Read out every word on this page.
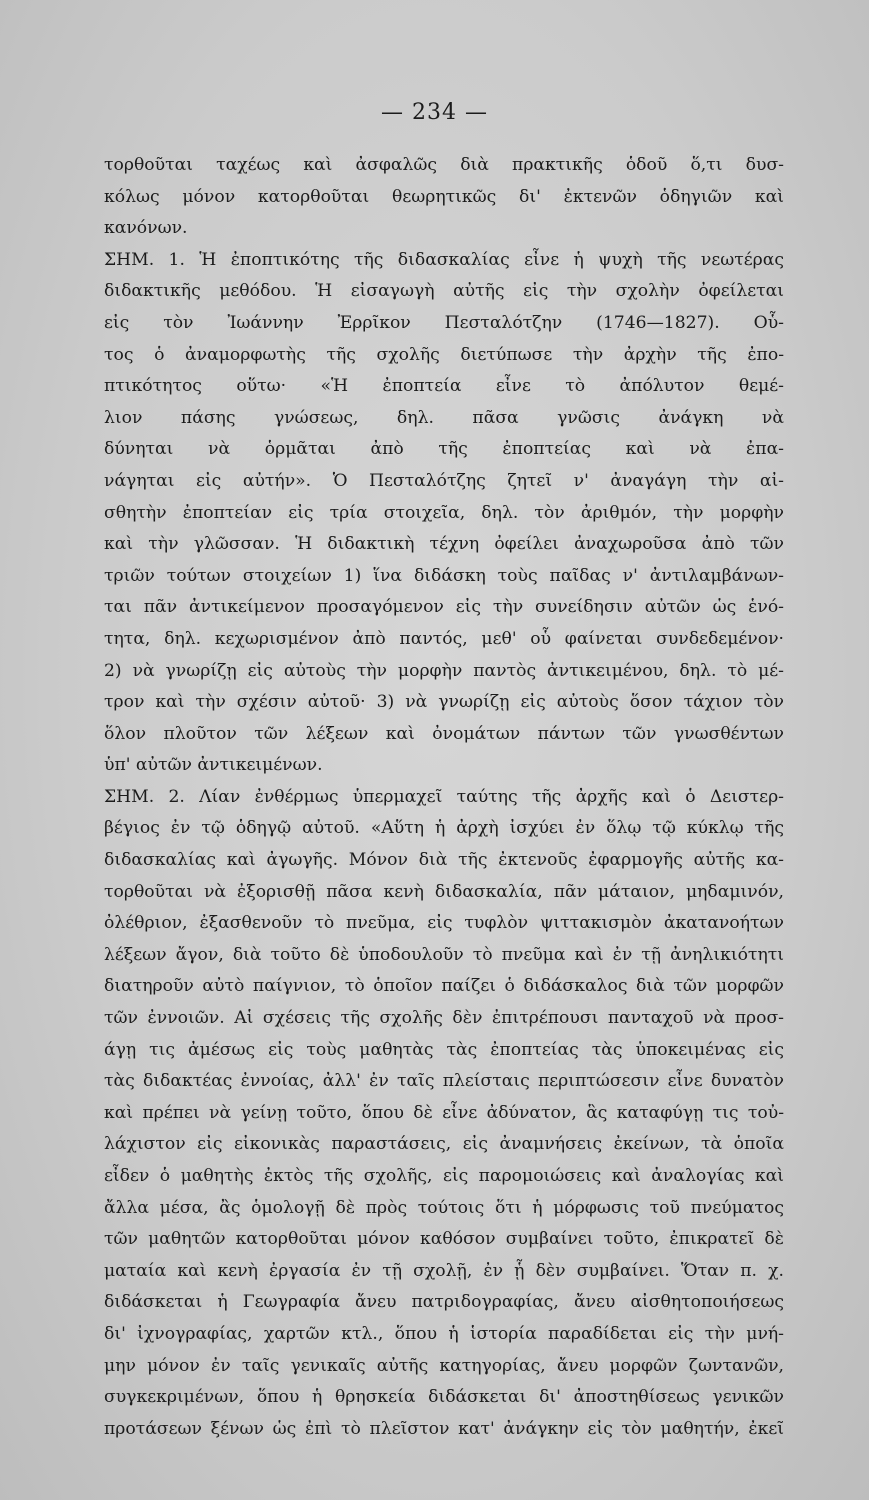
— 234 —
τορθοῦται ταχέως καὶ ἀσφαλῶς διὰ πρακτικῆς ὁδοῦ ὅ,τι δυσ-
κόλως μόνον κατορθοῦται θεωρητικῶς δι' ἐκτενῶν ὁδηγιῶν καὶ
κανόνων.
ΣΗΜ. 1. Ἡ ἐποπτικότης τῆς διδασκαλίας εἶνε ἡ ψυχὴ τῆς νεωτέρας
διδακτικῆς μεθόδου. Ἡ εἰσαγωγὴ αὐτῆς εἰς τὴν σχολὴν ὀφείλεται
εἰς τὸν Ἰωάννην Ἐρρῖκον Πεσταλότζην (1746—1827). Οὗ-
τος ὁ ἀναμορφωτὴς τῆς σχολῆς διετύπωσε τὴν ἀρχὴν τῆς ἐπο-
πτικότητος οὕτω· «Ἡ ἐποπτεία εἶνε τὸ ἀπόλυτον θεμέ-
λιον πάσης γνώσεως, δηλ. πᾶσα γνῶσις ἀνάγκη νὰ
δύνηται νὰ ὁρμᾶται ἀπὸ τῆς ἐποπτείας καὶ νὰ ἐπα-
νάγηται εἰς αὐτήν». Ὁ Πεσταλότζης ζητεῖ ν' ἀναγάγη τὴν αἰ-
σθητὴν ἐποπτείαν εἰς τρία στοιχεῖα, δηλ. τὸν ἀριθμόν, τὴν μορφὴν
καὶ τὴν γλῶσσαν. Ἡ διδακτικὴ τέχνη ὀφείλει ἀναχωροῦσα ἀπὸ τῶν
τριῶν τούτων στοιχείων 1) ἵνα διδάσκη τοὺς παῖδας ν' ἀντιλαμβάνων-
ται πᾶν ἀντικείμενον προσαγόμενον εἰς τὴν συνείδησιν αὐτῶν ὡς ἑνό-
τητα, δηλ. κεχωρισμένον ἀπὸ παντός, μεθ' οὗ φαίνεται συνδεδεμένον·
2) νὰ γνωρίζῃ εἰς αὐτοὺς τὴν μορφὴν παντὸς ἀντικειμένου, δηλ. τὸ μέ-
τρον καὶ τὴν σχέσιν αὐτοῦ· 3) νὰ γνωρίζῃ εἰς αὐτοὺς ὅσον τάχιον τὸν
ὅλον πλοῦτον τῶν λέξεων καὶ ὀνομάτων πάντων τῶν γνωσθέντων
ὑπ' αὐτῶν ἀντικειμένων.
ΣΗΜ. 2. Λίαν ἐνθέρμως ὑπερμαχεῖ ταύτης τῆς ἀρχῆς καὶ ὁ Δειστερ-
βέγιος ἐν τῷ ὁδηγῷ αὐτοῦ. «Αὕτη ἡ ἀρχὴ ἰσχύει ἐν ὅλῳ τῷ κύκλῳ τῆς
διδασκαλίας καὶ ἀγωγῆς. Μόνον διὰ τῆς ἐκτενοῦς ἐφαρμογῆς αὐτῆς κα-
τορθοῦται νὰ ἐξορισθῇ πᾶσα κενὴ διδασκαλία, πᾶν μάταιον, μηδαμινόν,
ὀλέθριον, ἐξασθενοῦν τὸ πνεῦμα, εἰς τυφλὸν ψιττακισμὸν ἀκατανοήτων
λέξεων ἄγον, διὰ τοῦτο δὲ ὑποδουλοῦν τὸ πνεῦμα καὶ ἐν τῇ ἀνηλικιότητι
διατηροῦν αὐτὸ παίγνιον, τὸ ὁποῖον παίζει ὁ διδάσκαλος διὰ τῶν μορφῶν
τῶν ἐννοιῶν. Αἱ σχέσεις τῆς σχολῆς δὲν ἐπιτρέπουσι πανταχοῦ νὰ προσ-
άγῃ τις ἀμέσως εἰς τοὺς μαθητὰς τὰς ἐποπτείας τὰς ὑποκειμένας εἰς
τὰς διδακτέας ἐννοίας, ἀλλ' ἐν ταῖς πλείσταις περιπτώσεσιν εἶνε δυνατὸν
καὶ πρέπει νὰ γείνῃ τοῦτο, ὅπου δὲ εἶνε ἀδύνατον, ἃς καταφύγῃ τις τοὐ-
λάχιστον εἰς εἰκονικὰς παραστάσεις, εἰς ἀναμνήσεις ἐκείνων, τὰ ὁποῖα
εἶδεν ὁ μαθητὴς ἐκτὸς τῆς σχολῆς, εἰς παρομοιώσεις καὶ ἀναλογίας καὶ
ἄλλα μέσα, ἂς ὁμολογῇ δὲ πρὸς τούτοις ὅτι ἡ μόρφωσις τοῦ πνεύματος
τῶν μαθητῶν κατορθοῦται μόνον καθόσον συμβαίνει τοῦτο, ἐπικρατεῖ δὲ
ματαία καὶ κενὴ ἐργασία ἐν τῇ σχολῇ, ἐν ᾗ δὲν συμβαίνει. Ὅταν π. χ.
διδάσκεται ἡ Γεωγραφία ἄνευ πατριδογραφίας, ἄνευ αἰσθητοποιήσεως
δι' ἰχνογραφίας, χαρτῶν κτλ., ὅπου ἡ ἱστορία παραδίδεται εἰς τὴν μνή-
μην μόνον ἐν ταῖς γενικαῖς αὐτῆς κατηγορίας, ἄνευ μορφῶν ζωντανῶν,
συγκεκριμένων, ὅπου ἡ θρησκεία διδάσκεται δι' ἀποστηθίσεως γενικῶν
προτάσεων ξένων ὡς ἐπὶ τὸ πλεῖστον κατ' ἀνάγκην εἰς τὸν μαθητήν, ἐκεῖ
